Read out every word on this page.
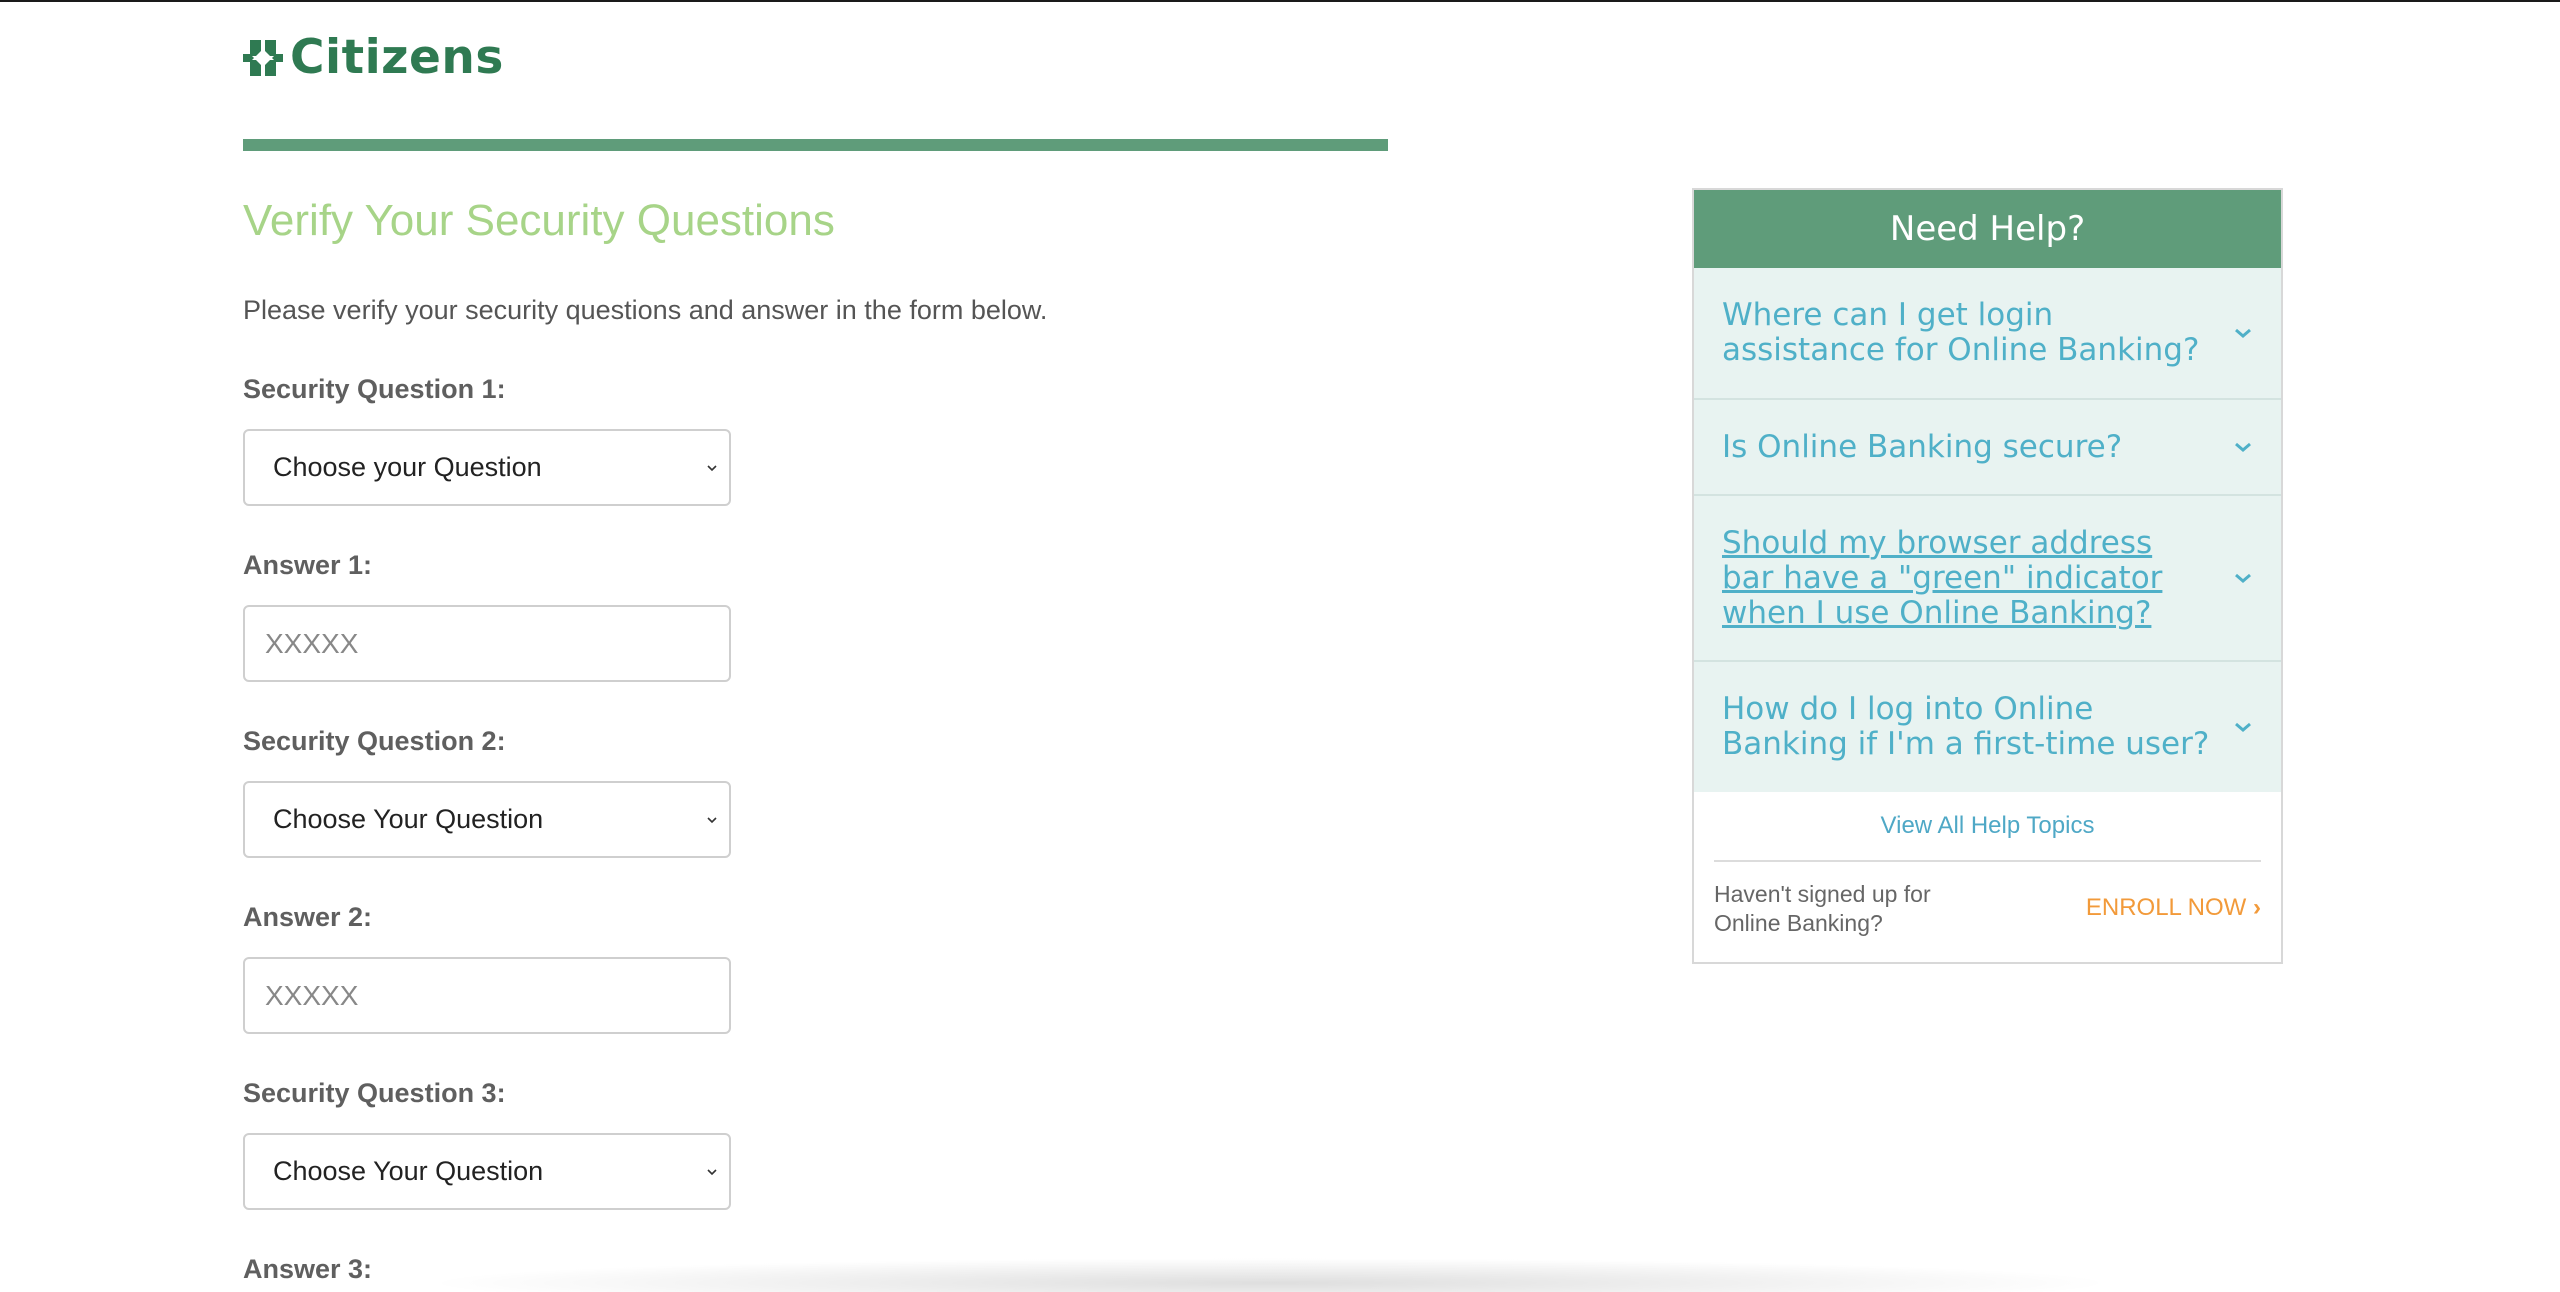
Citizens
Verify Your Security Questions
Please verify your security questions and answer in the form below.
Security Question 1:
Choose your Question
Answer 1:
XXXXX
Security Question 2:
Choose Your Question
Answer 2:
XXXXX
Security Question 3:
Choose Your Question
Answer 3:
Need Help?
Where can I get login assistance for Online Banking?
Is Online Banking secure?
Should my browser address bar have a "green" indicator when I use Online Banking?
How do I log into Online Banking if I'm a first-time user?
View All Help Topics
Haven't signed up for Online Banking?
ENROLL NOW ›
